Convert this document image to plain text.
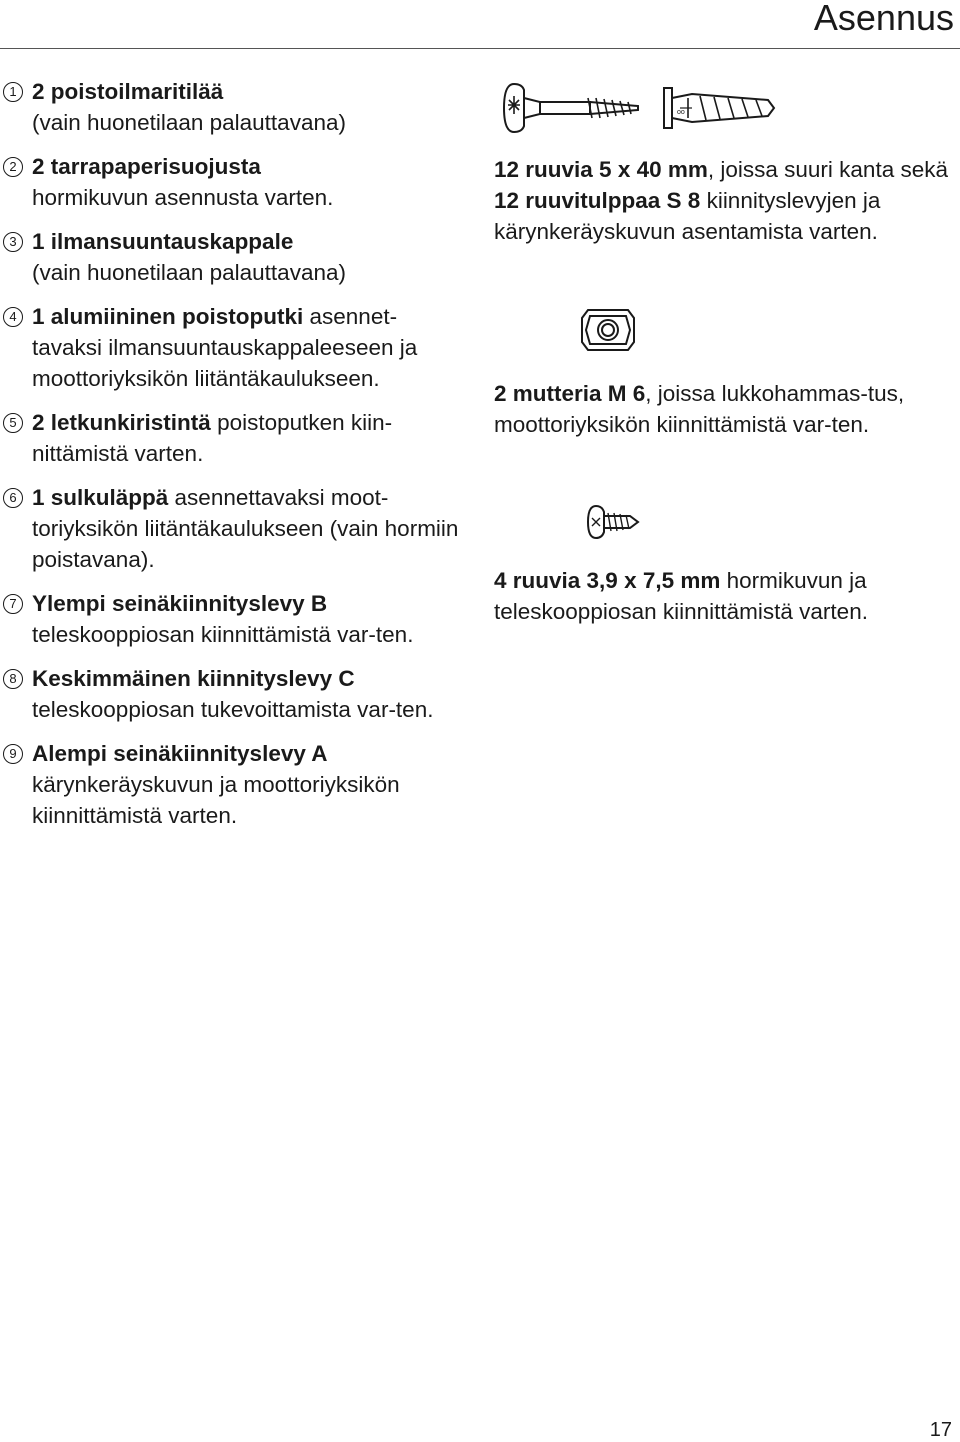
Asennus
1 2 poistoilmaritilää
(vain huonetilaan palauttavana)
2 2 tarrapaperisuojusta
hormikuvun asennusta varten.
3 1 ilmansuuntauskappale
(vain huonetilaan palauttavana)
4 1 alumiininen poistoputki asennet-
tavaksi ilmansuuntauskappaleeseen ja moottoriyksikön liitäntäkaulukseen.
5 2 letkunkiristintä poistoputken kiin-
nittämistä varten.
6 1 sulkuläppä asennettavaksi moot-
toriyksikön liitäntäkaulukseen (vain hormiin poistavana).
7 Ylempi seinäkiinnityslevy B
teleskooppiosan kiinnittämistä var-ten.
8 Keskimmäinen kiinnityslevy C
teleskooppiosan tukevoittamista var-ten.
9 Alempi seinäkiinnityslevy A
kärynkeräyskuvun ja moottoriyksikön kiinnittämistä varten.
oo
12 ruuvia 5 x 40 mm, joissa suuri kanta sekä
12 ruuvitulppaa S 8 kiinnityslevyjen ja kärynkeräyskuvun asentamista varten.
2 mutteria M 6, joissa lukkohammas-tus, moottoriyksikön kiinnittämistä var-ten.
4 ruuvia 3,9 x 7,5 mm hormikuvun ja teleskooppiosan kiinnittämistä varten.
17
